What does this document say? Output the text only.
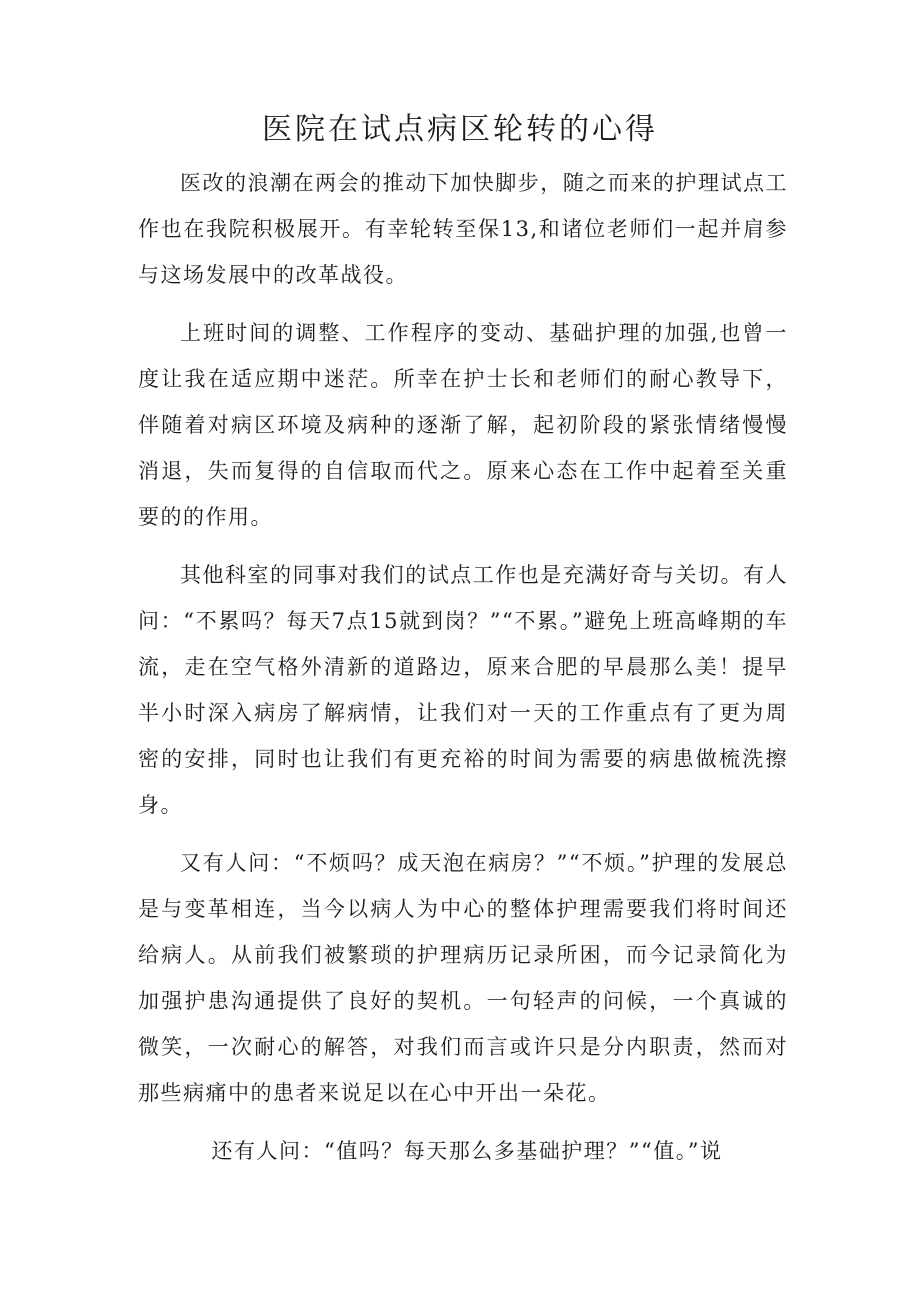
医院在试点病区轮转的心得

医改的浪潮在两会的推动下加快脚步，随之而来的护理试点工作也在我院积极展开。有幸轮转至保13,和诸位老师们一起并肩参与这场发展中的改革战役。

上班时间的调整、工作程序的变动、基础护理的加强,也曾一度让我在适应期中迷茫。所幸在护士长和老师们的耐心教导下，伴随着对病区环境及病种的逐渐了解，起初阶段的紧张情绪慢慢消退，失而复得的自信取而代之。原来心态在工作中起着至关重要的的作用。

其他科室的同事对我们的试点工作也是充满好奇与关切。有人问：“不累吗？每天7点15就到岗？”“不累。”避免上班高峰期的车流，走在空气格外清新的道路边，原来合肥的早晨那么美！提早半小时深入病房了解病情，让我们对一天的工作重点有了更为周密的安排，同时也让我们有更充裕的时间为需要的病患做梳洗擦身。

又有人问：“不烦吗？成天泡在病房？”“不烦。”护理的发展总是与变革相连，当今以病人为中心的整体护理需要我们将时间还给病人。从前我们被繁琐的护理病历记录所困，而今记录简化为加强护患沟通提供了良好的契机。一句轻声的问候，一个真诚的微笑，一次耐心的解答，对我们而言或许只是分内职责，然而对那些病痛中的患者来说足以在心中开出一朵花。

还有人问：“值吗？每天那么多基础护理？”“值。”说
